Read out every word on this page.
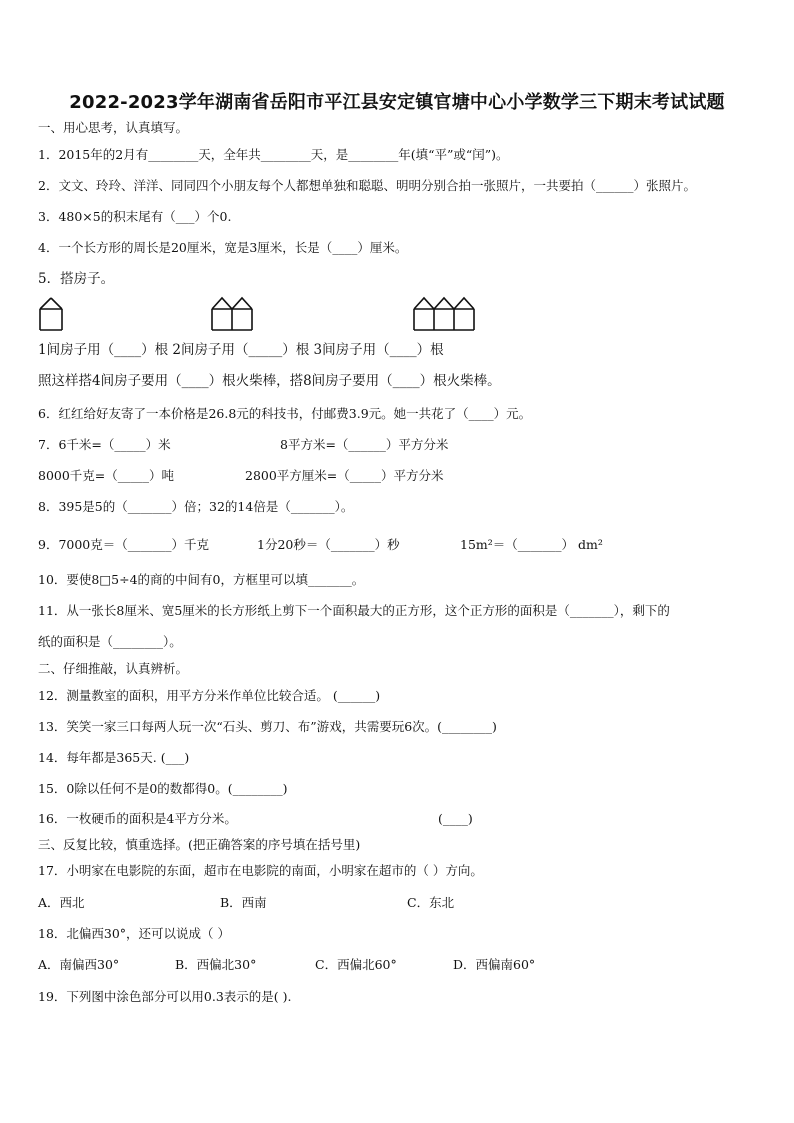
2022-2023学年湖南省岳阳市平江县安定镇官塘中心小学数学三下期末考试试题
一、用心思考，认真填写。
1．2015年的2月有________天，全年共________天，是________年(填“平”或“闰”)。
2．文文、玲玲、洋洋、同同四个小朋友每个人都想单独和聪聪、明明分别合拍一张照片，一共要拍（______）张照片。
3．480×5的积末尾有（___）个0.
4．一个长方形的周长是20厘米，宽是3厘米，长是（____）厘米。
5．搭房子。
1间房子用（____）根 2间房子用（_____）根 3间房子用（____）根
照这样搭4间房子要用（____）根火柴棒，搭8间房子要用（____）根火柴棒。
6．红红给好友寄了一本价格是26.8元的科技书，付邮费3.9元。她一共花了（____）元。
7．6千米=（_____）米	8平方米=（______）平方分米
8000千克=（_____）吨	2800平方厘米=（_____）平方分米
8．395是5的（_______）倍；32的14倍是（_______）。
9．7000克＝（_______）千克	1分20秒＝（_______）秒	15m²＝（_______） dm²
10．要使8□5÷4的商的中间有0，方框里可以填_______。
11．从一张长8厘米、宽5厘米的长方形纸上剪下一个面积最大的正方形，这个正方形的面积是（_______），剩下的
纸的面积是（________）。
二、仔细推敲，认真辨析。
12．测量教室的面积，用平方分米作单位比较合适。 (______)
13．笑笑一家三口每两人玩一次“石头、剪刀、布”游戏，共需要玩6次。(________)
14．每年都是365天. (___)
15．0除以任何不是0的数都得0。(________)
16．一枚硬币的面积是4平方分米。	(____)
三、反复比较，慎重选择。(把正确答案的序号填在括号里)
17．小明家在电影院的东面，超市在电影院的南面，小明家在超市的（ ）方向。
A．西北	B．西南	C．东北
18．北偏西30°，还可以说成（ ）
A．南偏西30°	B．西偏北30°	C．西偏北60°	D．西偏南60°
19．下列图中涂色部分可以用0.3表示的是( ).
